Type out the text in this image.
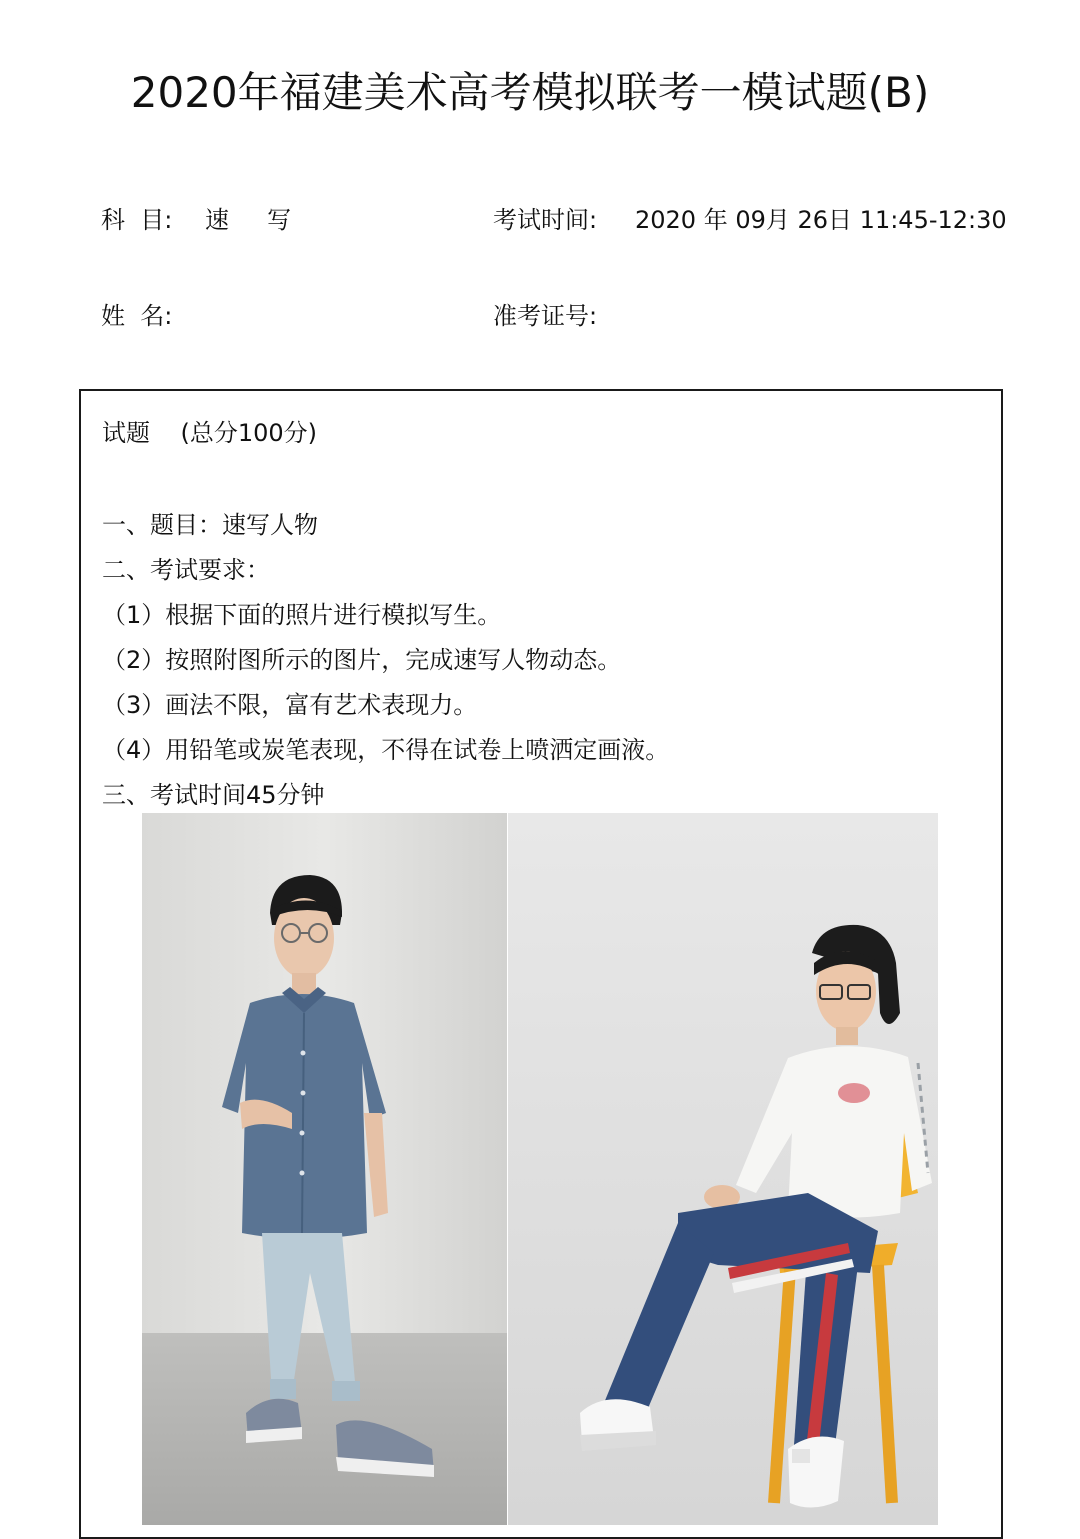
2020年福建美术高考模拟联考一模试题(B)
科  目: 速     写	考试时间: 2020 年 09月 26日 11:45-12:30
姓  名:	准考证号:
试题    (总分100分)
一、题目：速写人物
二、考试要求：
（1）根据下面的照片进行模拟写生。
（2）按照附图所示的图片，完成速写人物动态。
（3）画法不限，富有艺术表现力。
（4）用铅笔或炭笔表现，不得在试卷上喷洒定画液。
三、考试时间45分钟
